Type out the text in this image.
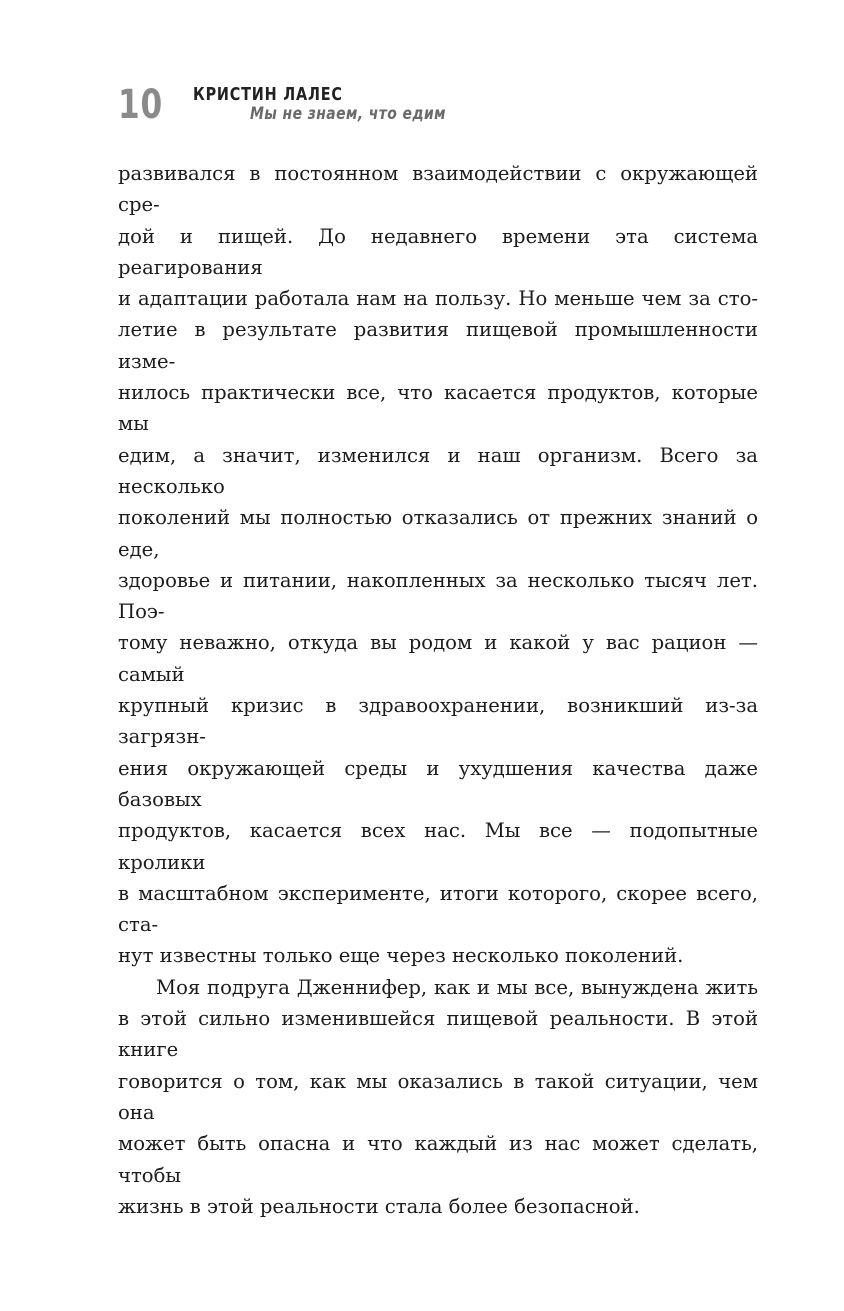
10 КРИСТИН ЛАЛЕС
Мы не знаем, что едим
развивался в постоянном взаимодействии с окружающей сре-
дой и пищей. До недавнего времени эта система реагирования
и адаптации работала нам на пользу. Но меньше чем за сто-
летие в результате развития пищевой промышленности изме-
нилось практически все, что касается продуктов, которые мы
едим, а значит, изменился и наш организм. Всего за несколько
поколений мы полностью отказались от прежних знаний о еде,
здоровье и питании, накопленных за несколько тысяч лет. Поэ-
тому неважно, откуда вы родом и какой у вас рацион — самый
крупный кризис в здравоохранении, возникший из-за загрязн-
ения окружающей среды и ухудшения качества даже базовых
продуктов, касается всех нас. Мы все — подопытные кролики
в масштабном эксперименте, итоги которого, скорее всего, ста-
нут известны только еще через несколько поколений.
Моя подруга Дженнифер, как и мы все, вынуждена жить
в этой сильно изменившейся пищевой реальности. В этой книге
говорится о том, как мы оказались в такой ситуации, чем она
может быть опасна и что каждый из нас может сделать, чтобы
жизнь в этой реальности стала более безопасной.
